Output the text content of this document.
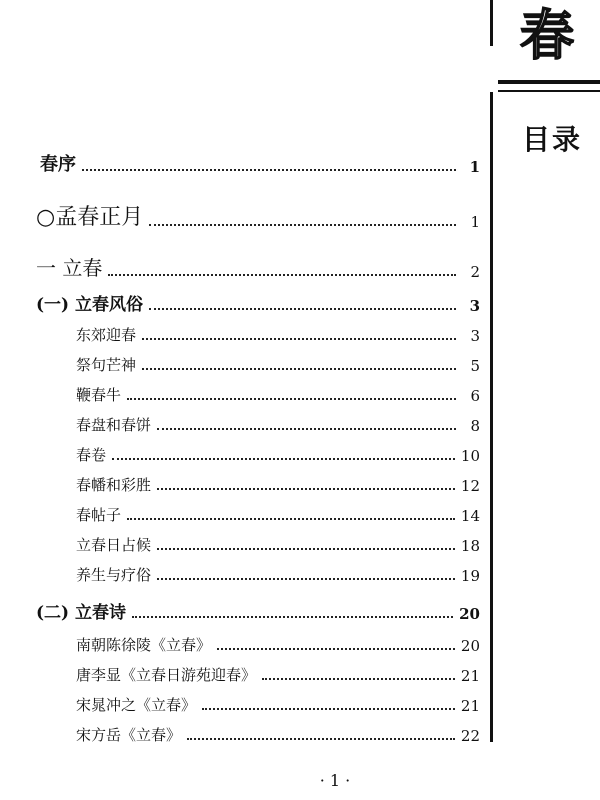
春
目录
春序	1
○孟春正月	1
一 立春	2
(一) 立春风俗	3
东郊迎春	3
祭句芒神	5
鞭春牛	6
春盘和春饼	8
春卷	10
春幡和彩胜	12
春帖子	14
立春日占候	18
养生与疗俗	19
(二) 立春诗	20
南朝陈徐陵《立春》	20
唐李显《立春日游苑迎春》	21
宋晁冲之《立春》	21
宋方岳《立春》	22
· 1 ·
